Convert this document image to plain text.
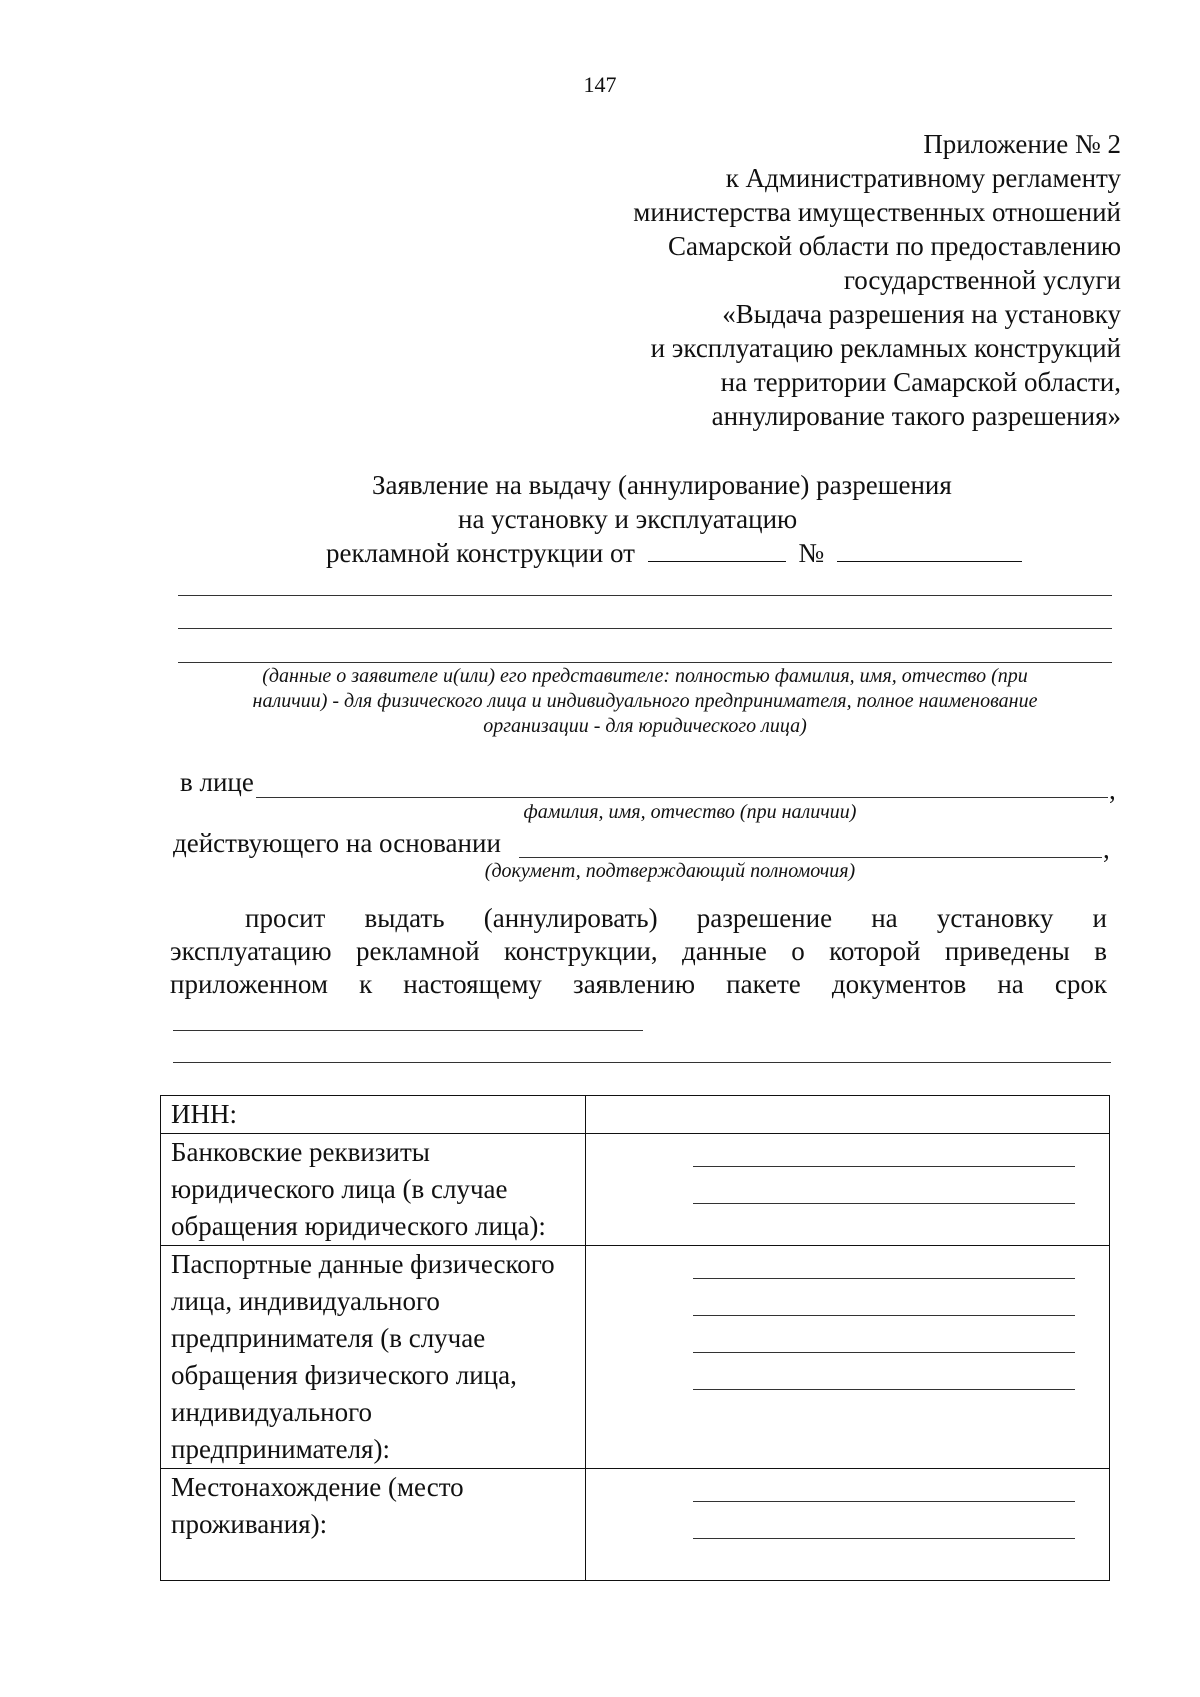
147
Приложение № 2
к Административному регламенту
министерства имущественных отношений
Самарской области по предоставлению
государственной услуги
«Выдача разрешения на установку
и эксплуатацию рекламных конструкций
на территории Самарской области,
аннулирование такого разрешения»
Заявление на выдачу (аннулирование) разрешения
на установку и эксплуатацию
рекламной конструкции от	№
(данные о заявителе и(или) его представителе: полностью фамилия, имя, отчество (при
наличии) - для физического лица и индивидуального предпринимателя, полное наименование
организации - для юридического лица)
в лице	,
фамилия, имя, отчество (при наличии)
действующего на основании	,
(документ, подтверждающий полномочия)
просит выдать (аннулировать) разрешение на установку и
эксплуатацию рекламной конструкции, данные о которой приведены в
приложенном к настоящему заявлению пакете документов на срок
ИНН:	
Банковские реквизиты юридического лица (в случае обращения юридического лица):	

Паспортные данные физического лица, индивидуального предпринимателя (в случае обращения физического лица, индивидуального предпринимателя):	

Местонахождение (место проживания):	
